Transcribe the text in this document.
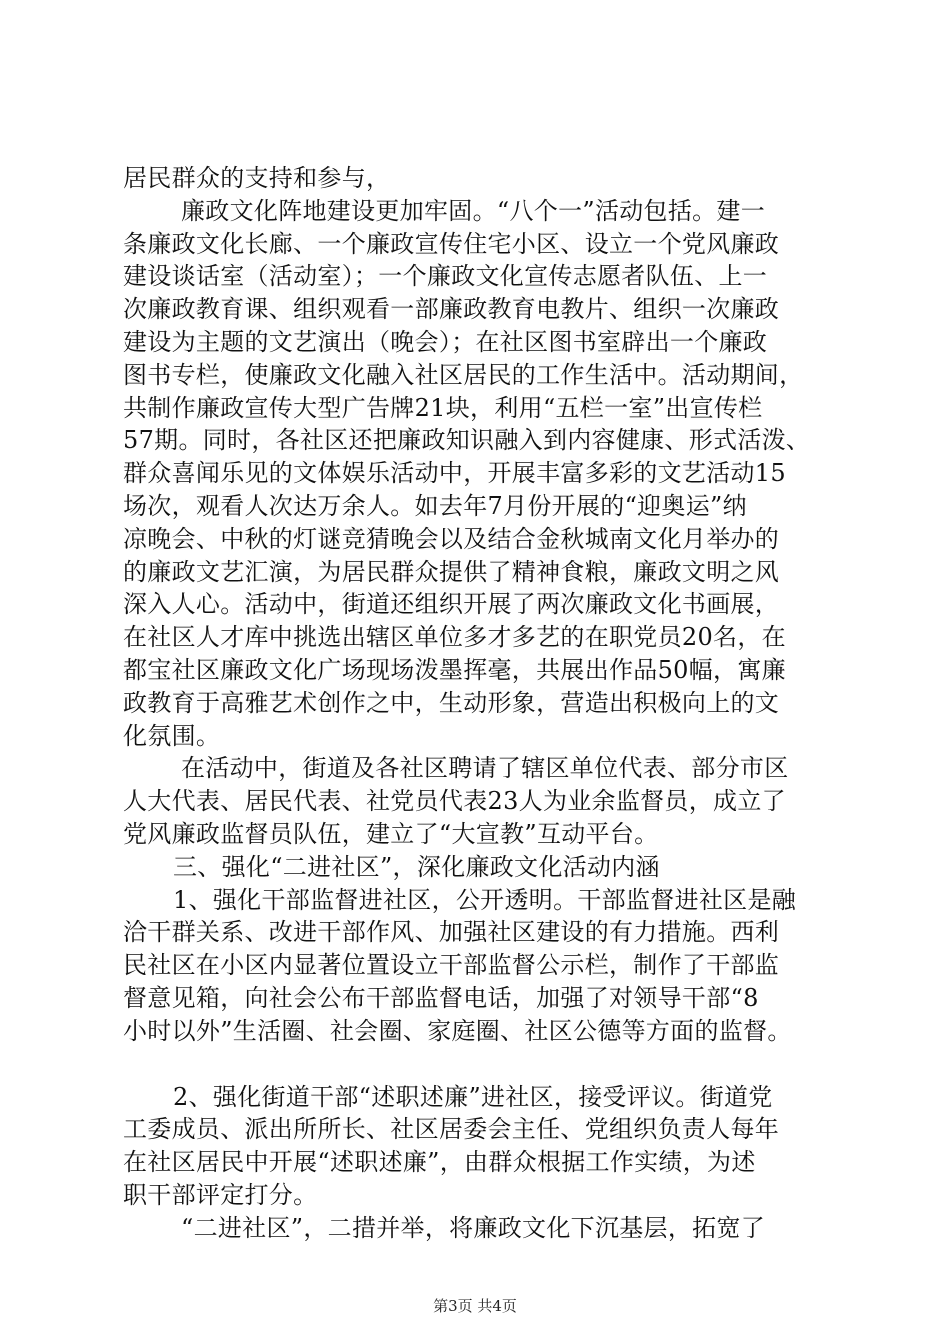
居民群众的支持和参与，
廉政文化阵地建设更加牢固。“八个一”活动包括。建一
条廉政文化长廊、一个廉政宣传住宅小区、设立一个党风廉政
建设谈话室（活动室）；一个廉政文化宣传志愿者队伍、上一
次廉政教育课、组织观看一部廉政教育电教片、组织一次廉政
建设为主题的文艺演出（晚会）；在社区图书室辟出一个廉政
图书专栏，使廉政文化融入社区居民的工作生活中。活动期间，
共制作廉政宣传大型广告牌21块，利用“五栏一室”出宣传栏
57期。同时，各社区还把廉政知识融入到内容健康、形式活泼、
群众喜闻乐见的文体娱乐活动中，开展丰富多彩的文艺活动15
场次，观看人次达万余人。如去年7月份开展的“迎奥运”纳
凉晚会、中秋的灯谜竞猜晚会以及结合金秋城南文化月举办的
的廉政文艺汇演，为居民群众提供了精神食粮，廉政文明之风
深入人心。活动中，街道还组织开展了两次廉政文化书画展，
在社区人才库中挑选出辖区单位多才多艺的在职党员20名，在
都宝社区廉政文化广场现场泼墨挥毫，共展出作品50幅，寓廉
政教育于高雅艺术创作之中，生动形象，营造出积极向上的文
化氛围。
在活动中，街道及各社区聘请了辖区单位代表、部分市区
人大代表、居民代表、社党员代表23人为业余监督员，成立了
党风廉政监督员队伍，建立了“大宣教”互动平台。
三、强化“二进社区”，深化廉政文化活动内涵
1、强化干部监督进社区，公开透明。干部监督进社区是融
洽干群关系、改进干部作风、加强社区建设的有力措施。西利
民社区在小区内显著位置设立干部监督公示栏，制作了干部监
督意见箱，向社会公布干部监督电话，加强了对领导干部“8
小时以外”生活圈、社会圈、家庭圈、社区公德等方面的监督。
2、强化街道干部“述职述廉”进社区，接受评议。街道党
工委成员、派出所所长、社区居委会主任、党组织负责人每年
在社区居民中开展“述职述廉”，由群众根据工作实绩，为述
职干部评定打分。
“二进社区”，二措并举，将廉政文化下沉基层，拓宽了
第3页 共4页
